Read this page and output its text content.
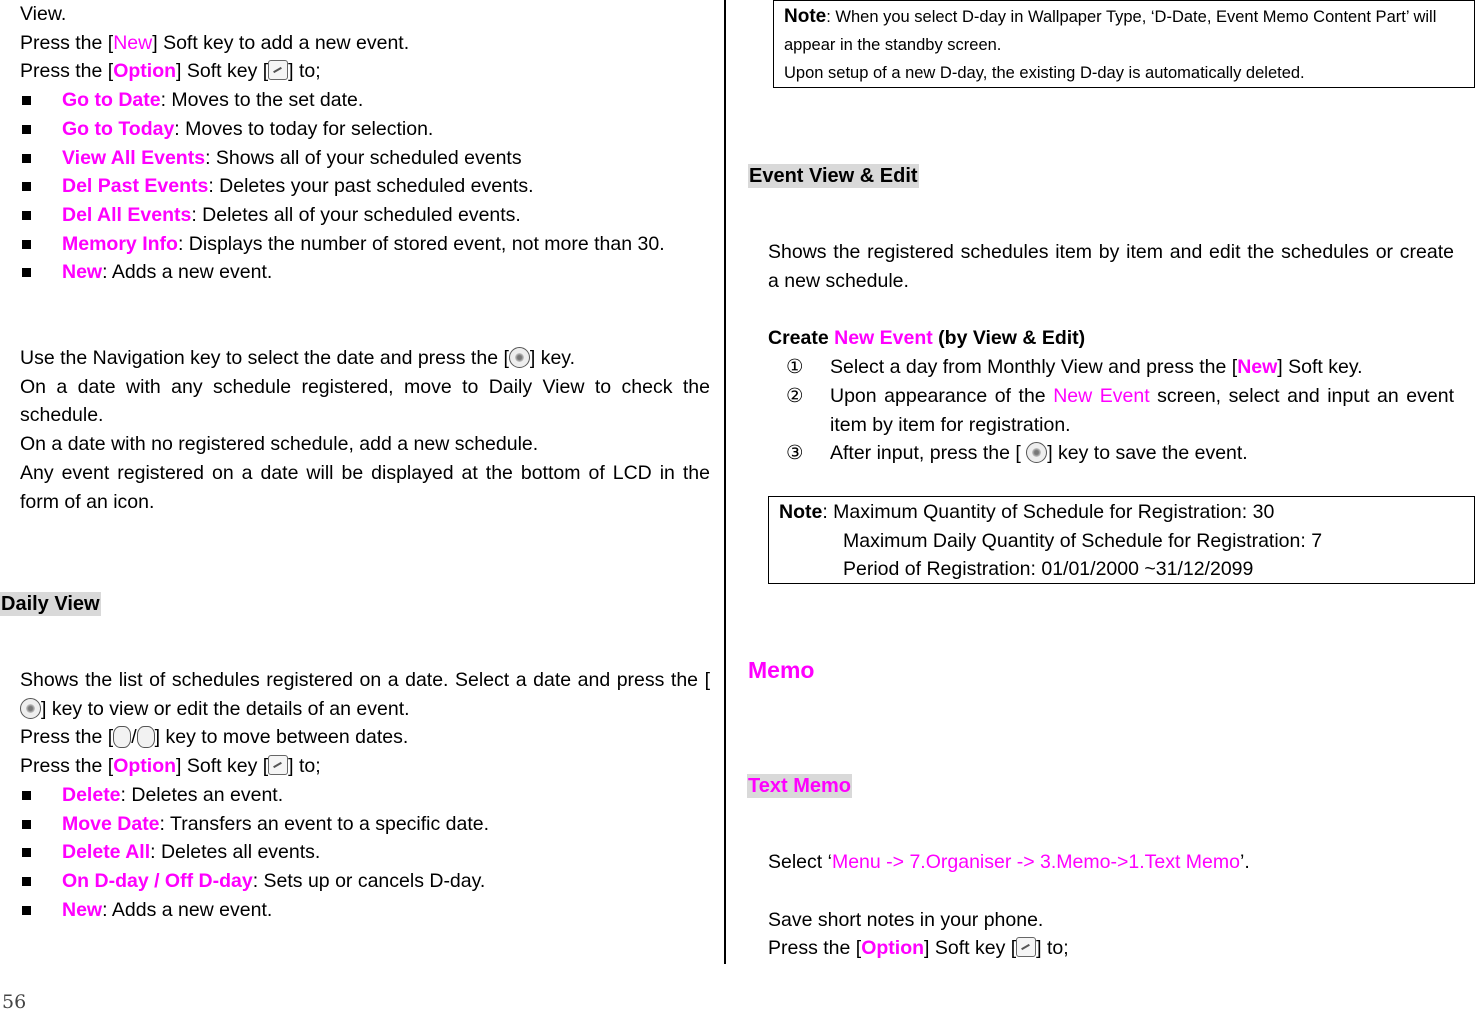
View.
Press the [New] Soft key to add a new event.
Press the [Option] Soft key [ ] to;
Go to Date: Moves to the set date.
Go to Today: Moves to today for selection.
View All Events: Shows all of your scheduled events
Del Past Events: Deletes your past scheduled events.
Del All Events: Deletes all of your scheduled events.
Memory Info: Displays the number of stored event, not more than 30.
New: Adds a new event.
Use the Navigation key to select the date and press the [ ] key.
On a date with any schedule registered, move to Daily View to check the schedule.
On a date with no registered schedule, add a new schedule.
Any event registered on a date will be displayed at the bottom of LCD in the form of an icon.
Shows the list of schedules registered on a date. Select a date and press the [] key to view or edit the details of an event.
Press the [ / ] key to move between dates.
Press the [Option] Soft key [ ] to;
Delete: Deletes an event.
Move Date: Transfers an event to a specific date.
Delete All: Deletes all events.
On D-day / Off D-day: Sets up or cancels D-day.
New: Adds a new event.
Daily View
Note: When you select D-day in Wallpaper Type, ‘D-Date, Event Memo Content Part’ will appear in the standby screen.
Upon setup of a new D-day, the existing D-day is automatically deleted.
Event View & Edit
Shows the registered schedules item by item and edit the schedules or create a new schedule.
Create New Event (by View & Edit)
① Select a day from Monthly View and press the [New] Soft key.
② Upon appearance of the New Event screen, select and input an event item by item for registration.
③ After input, press the [ ] key to save the event.
Note: Maximum Quantity of Schedule for Registration: 30
Maximum Daily Quantity of Schedule for Registration: 7
Period of Registration: 01/01/2000 ~31/12/2099
Memo
Text Memo
Select ‘Menu -> 7.Organiser -> 3.Memo->1.Text Memo’.
Save short notes in your phone.
Press the [Option] Soft key [ ] to;
56
